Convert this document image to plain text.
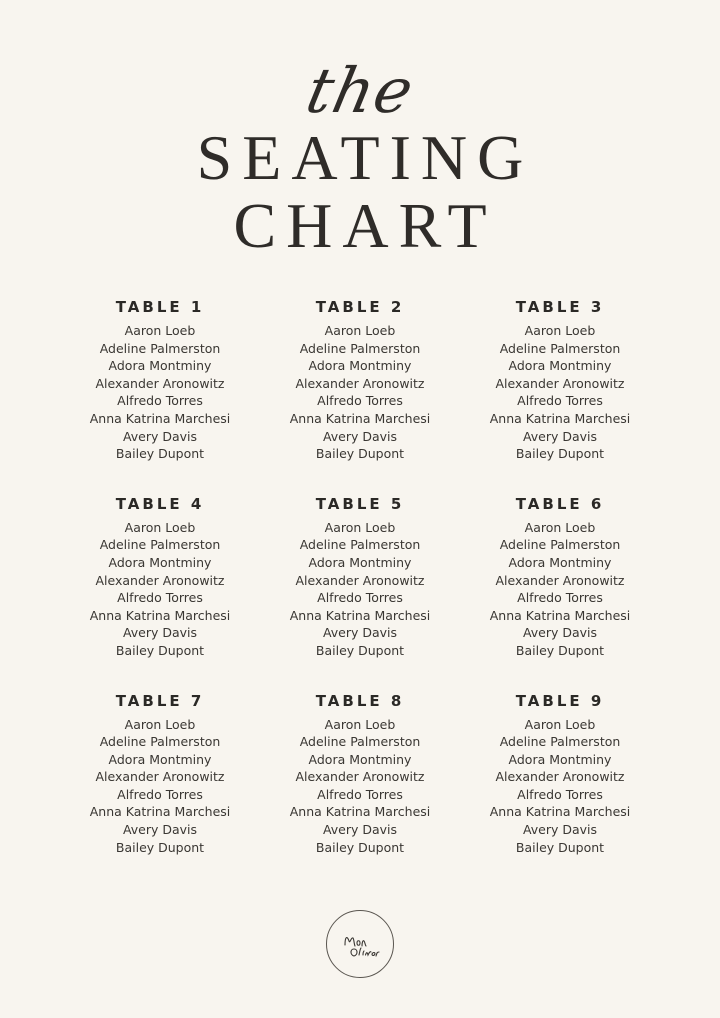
the
SEATING
CHART
TABLE 1
Aaron Loeb
Adeline Palmerston
Adora Montminy
Alexander Aronowitz
Alfredo Torres
Anna Katrina Marchesi
Avery Davis
Bailey Dupont
TABLE 2
Aaron Loeb
Adeline Palmerston
Adora Montminy
Alexander Aronowitz
Alfredo Torres
Anna Katrina Marchesi
Avery Davis
Bailey Dupont
TABLE 3
Aaron Loeb
Adeline Palmerston
Adora Montminy
Alexander Aronowitz
Alfredo Torres
Anna Katrina Marchesi
Avery Davis
Bailey Dupont
TABLE 4
Aaron Loeb
Adeline Palmerston
Adora Montminy
Alexander Aronowitz
Alfredo Torres
Anna Katrina Marchesi
Avery Davis
Bailey Dupont
TABLE 5
Aaron Loeb
Adeline Palmerston
Adora Montminy
Alexander Aronowitz
Alfredo Torres
Anna Katrina Marchesi
Avery Davis
Bailey Dupont
TABLE 6
Aaron Loeb
Adeline Palmerston
Adora Montminy
Alexander Aronowitz
Alfredo Torres
Anna Katrina Marchesi
Avery Davis
Bailey Dupont
TABLE 7
Aaron Loeb
Adeline Palmerston
Adora Montminy
Alexander Aronowitz
Alfredo Torres
Anna Katrina Marchesi
Avery Davis
Bailey Dupont
TABLE 8
Aaron Loeb
Adeline Palmerston
Adora Montminy
Alexander Aronowitz
Alfredo Torres
Anna Katrina Marchesi
Avery Davis
Bailey Dupont
TABLE 9
Aaron Loeb
Adeline Palmerston
Adora Montminy
Alexander Aronowitz
Alfredo Torres
Anna Katrina Marchesi
Avery Davis
Bailey Dupont
